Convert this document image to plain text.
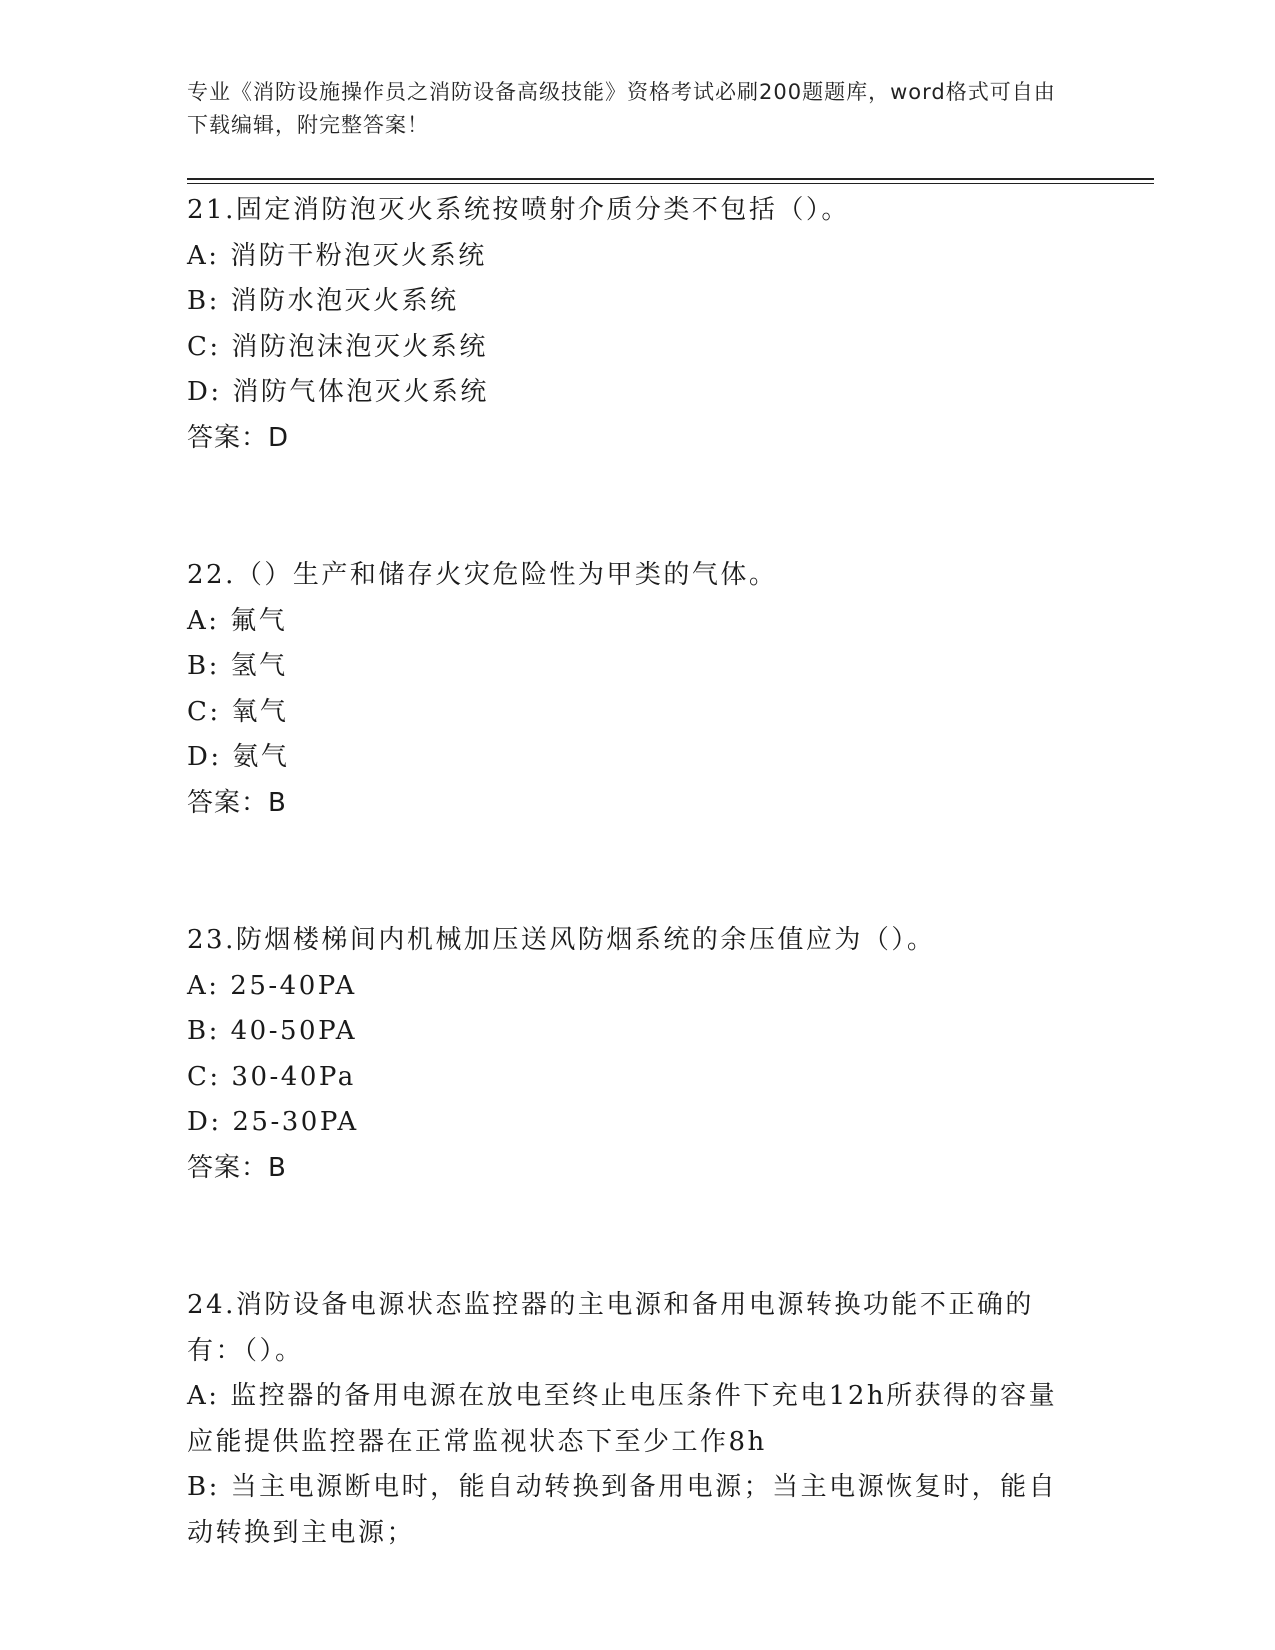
专业《消防设施操作员之消防设备高级技能》资格考试必刷200题题库，word格式可自由下载编辑，附完整答案！

21.固定消防泡灭火系统按喷射介质分类不包括（）。

A: 消防干粉泡灭火系统

B: 消防水泡灭火系统

C: 消防泡沫泡灭火系统

D: 消防气体泡灭火系统

答案：D

22.（）生产和储存火灾危险性为甲类的气体。

A: 氟气

B: 氢气

C: 氧气

D: 氨气

答案：B

23.防烟楼梯间内机械加压送风防烟系统的余压值应为（）。

A: 25-40PA

B: 40-50PA

C: 30-40Pa

D: 25-30PA

答案：B

24.消防设备电源状态监控器的主电源和备用电源转换功能不正确的有：（）。

A: 监控器的备用电源在放电至终止电压条件下充电12h所获得的容量应能提供监控器在正常监视状态下至少工作8h

B: 当主电源断电时，能自动转换到备用电源；当主电源恢复时，能自动转换到主电源；
